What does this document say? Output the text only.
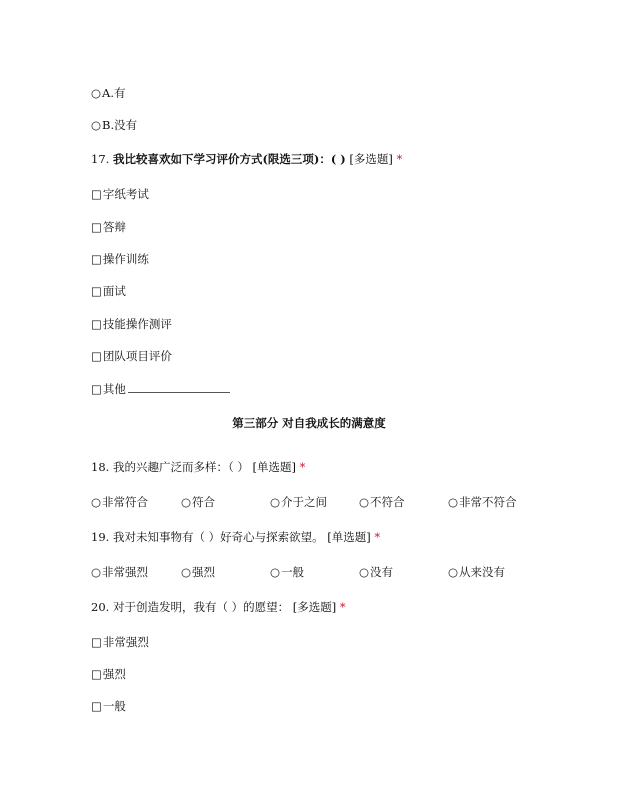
○A.有
○B.没有
17. 我比较喜欢如下学习评价方式(限选三项)：( ) [多选题] *
□字纸考试
□答辩
□操作训练
□面试
□技能操作测评
□团队项目评价
□其他
第三部分 对自我成长的满意度
18. 我的兴趣广泛而多样：（ ） [单选题] *
○非常符合	○符合	○介于之间	○不符合	○非常不符合
19. 我对未知事物有（ ）好奇心与探索欲望。 [单选题] *
○非常强烈	○强烈	○一般	○没有	○从来没有
20. 对于创造发明，我有（ ）的愿望： [多选题] *
□非常强烈
□强烈
□一般
